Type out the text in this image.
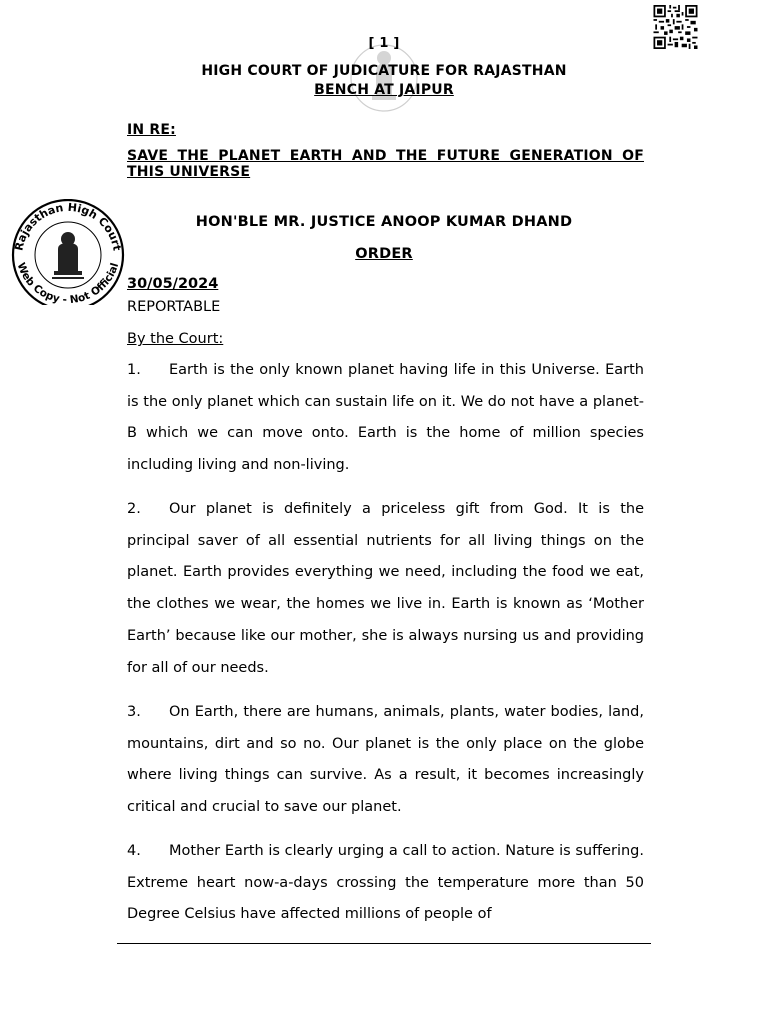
[ 1 ]
HIGH COURT OF JUDICATURE FOR RAJASTHAN
BENCH AT JAIPUR
Rajasthan High Court
Web Copy - Not Official
IN RE:
SAVE THE PLANET EARTH AND THE FUTURE GENERATION OF THIS UNIVERSE
HON'BLE MR. JUSTICE ANOOP KUMAR DHAND
ORDER
30/05/2024
REPORTABLE
By the Court:
1. Earth is the only known planet having life in this Universe. Earth is the only planet which can sustain life on it. We do not have a planet-B which we can move onto. Earth is the home of million species including living and non-living.
2. Our planet is definitely a priceless gift from God. It is the principal saver of all essential nutrients for all living things on the planet. Earth provides everything we need, including the food we eat, the clothes we wear, the homes we live in. Earth is known as ‘Mother Earth’ because like our mother, she is always nursing us and providing for all of our needs.
3. On Earth, there are humans, animals, plants, water bodies, land, mountains, dirt and so no. Our planet is the only place on the globe where living things can survive. As a result, it becomes increasingly critical and crucial to save our planet.
4. Mother Earth is clearly urging a call to action. Nature is suffering. Extreme heart now-a-days crossing the temperature more than 50 Degree Celsius have affected millions of people of
